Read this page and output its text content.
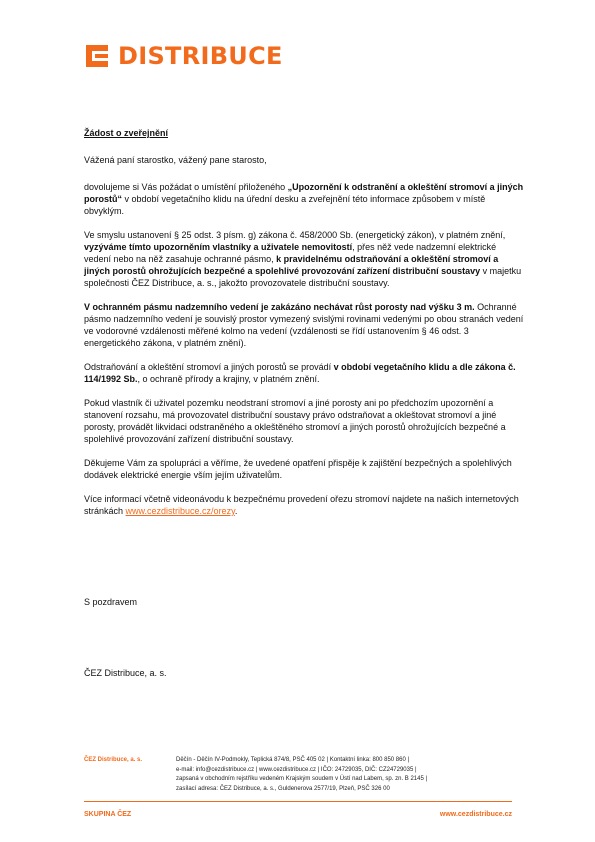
DISTRIBUCE

Žádost o zveřejnění

Vážená paní starostko, vážený pane starosto,

dovolujeme si Vás požádat o umístění přiloženého „Upozornění k odstranění a okleštění stromoví a jiných porostů“ v období vegetačního klidu na úřední desku a zveřejnění této informace způsobem v místě obvyklým.

Ve smyslu ustanovení § 25 odst. 3 písm. g) zákona č. 458/2000 Sb. (energetický zákon), v platném znění, vyzýváme tímto upozorněním vlastníky a uživatele nemovitostí, přes něž vede nadzemní elektrické vedení nebo na něž zasahuje ochranné pásmo, k pravidelnému odstraňování a okleštění stromoví a jiných porostů ohrožujících bezpečné a spolehlivé provozování zařízení distribuční soustavy v majetku společnosti ČEZ Distribuce, a. s., jakožto provozovatele distribuční soustavy.

V ochranném pásmu nadzemního vedení je zakázáno nechávat růst porosty nad výšku 3 m. Ochranné pásmo nadzemního vedení je souvislý prostor vymezený svislými rovinami vedenými po obou stranách vedení ve vodorovné vzdálenosti měřené kolmo na vedení (vzdálenosti se řídí ustanovením § 46 odst. 3 energetického zákona, v platném znění).

Odstraňování a okleštění stromoví a jiných porostů se provádí v období vegetačního klidu a dle zákona č. 114/1992 Sb., o ochraně přírody a krajiny, v platném znění.

Pokud vlastník či uživatel pozemku neodstraní stromoví a jiné porosty ani po předchozím upozornění a stanovení rozsahu, má provozovatel distribuční soustavy právo odstraňovat a okleštovat stromoví a jiné porosty, provádět likvidaci odstraněného a okleštěného stromoví a jiných porostů ohrožujících bezpečné a spolehlivé provozování zařízení distribuční soustavy.

Děkujeme Vám za spolupráci a věříme, že uvedené opatření přispěje k zajištění bezpečných a spolehlivých dodávek elektrické energie vším jejím uživatelům.

Více informací včetně videonávodu k bezpečnému provedení ořezu stromoví najdete na našich internetových stránkách www.cezdistribuce.cz/orezy.

S pozdravem

ČEZ Distribuce, a. s.

ČEZ Distribuce, a. s.	Děčín - Děčín IV-Podmokly, Teplická 874/8, PSČ 405 02 | Kontaktní linka: 800 850 860 |

e-mail: info@cezdistribuce.cz | www.cezdistribuce.cz | IČO: 24729035, DIČ: CZ24729035 |

zapsaná v obchodním rejstříku vedeném Krajským soudem v Ústí nad Labem, sp. zn. B 2145 |

zasílací adresa: ČEZ Distribuce, a. s., Guldenerova 2577/19, Plzeň, PSČ 326 00

SKUPINA ČEZ	www.cezdistribuce.cz
